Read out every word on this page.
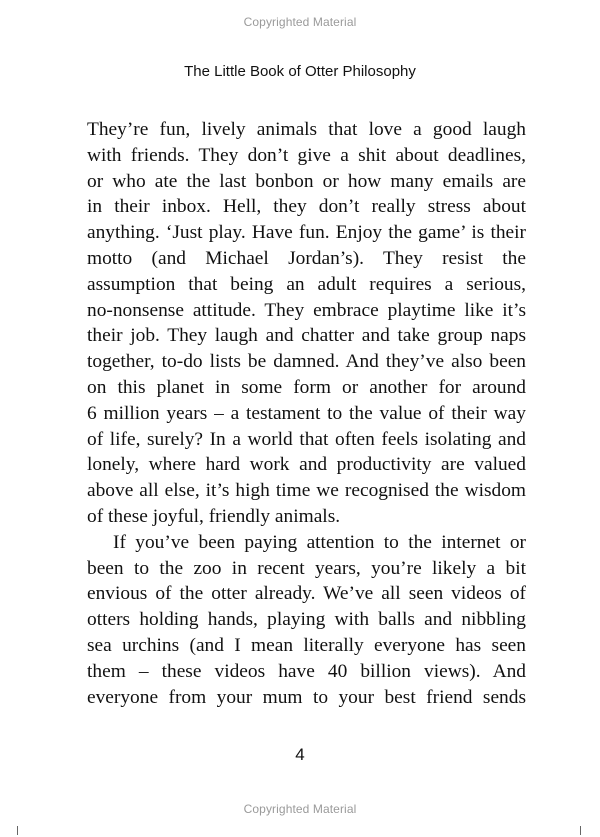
Copyrighted Material
The Little Book of Otter Philosophy

They’re fun, lively animals that love a good laugh
with friends. They don’t give a shit about deadlines,
or who ate the last bonbon or how many emails are
in their inbox. Hell, they don’t really stress about
anything. ‘Just play. Have fun. Enjoy the game’ is their
motto (and Michael Jordan’s). They resist the
assumption that being an adult requires a serious,
no-nonsense attitude. They embrace playtime like it’s
their job. They laugh and chatter and take group naps
together, to-do lists be damned. And they’ve also been
on this planet in some form or another for around
6 million years – a testament to the value of their way
of life, surely? In a world that often feels isolating and
lonely, where hard work and productivity are valued
above all else, it’s high time we recognised the wisdom
of these joyful, friendly animals.

If you’ve been paying attention to the internet or
been to the zoo in recent years, you’re likely a bit
envious of the otter already. We’ve all seen videos of
otters holding hands, playing with balls and nibbling
sea urchins (and I mean literally everyone has seen
them – these videos have 40 billion views). And
everyone from your mum to your best friend sends

4
Copyrighted Material
